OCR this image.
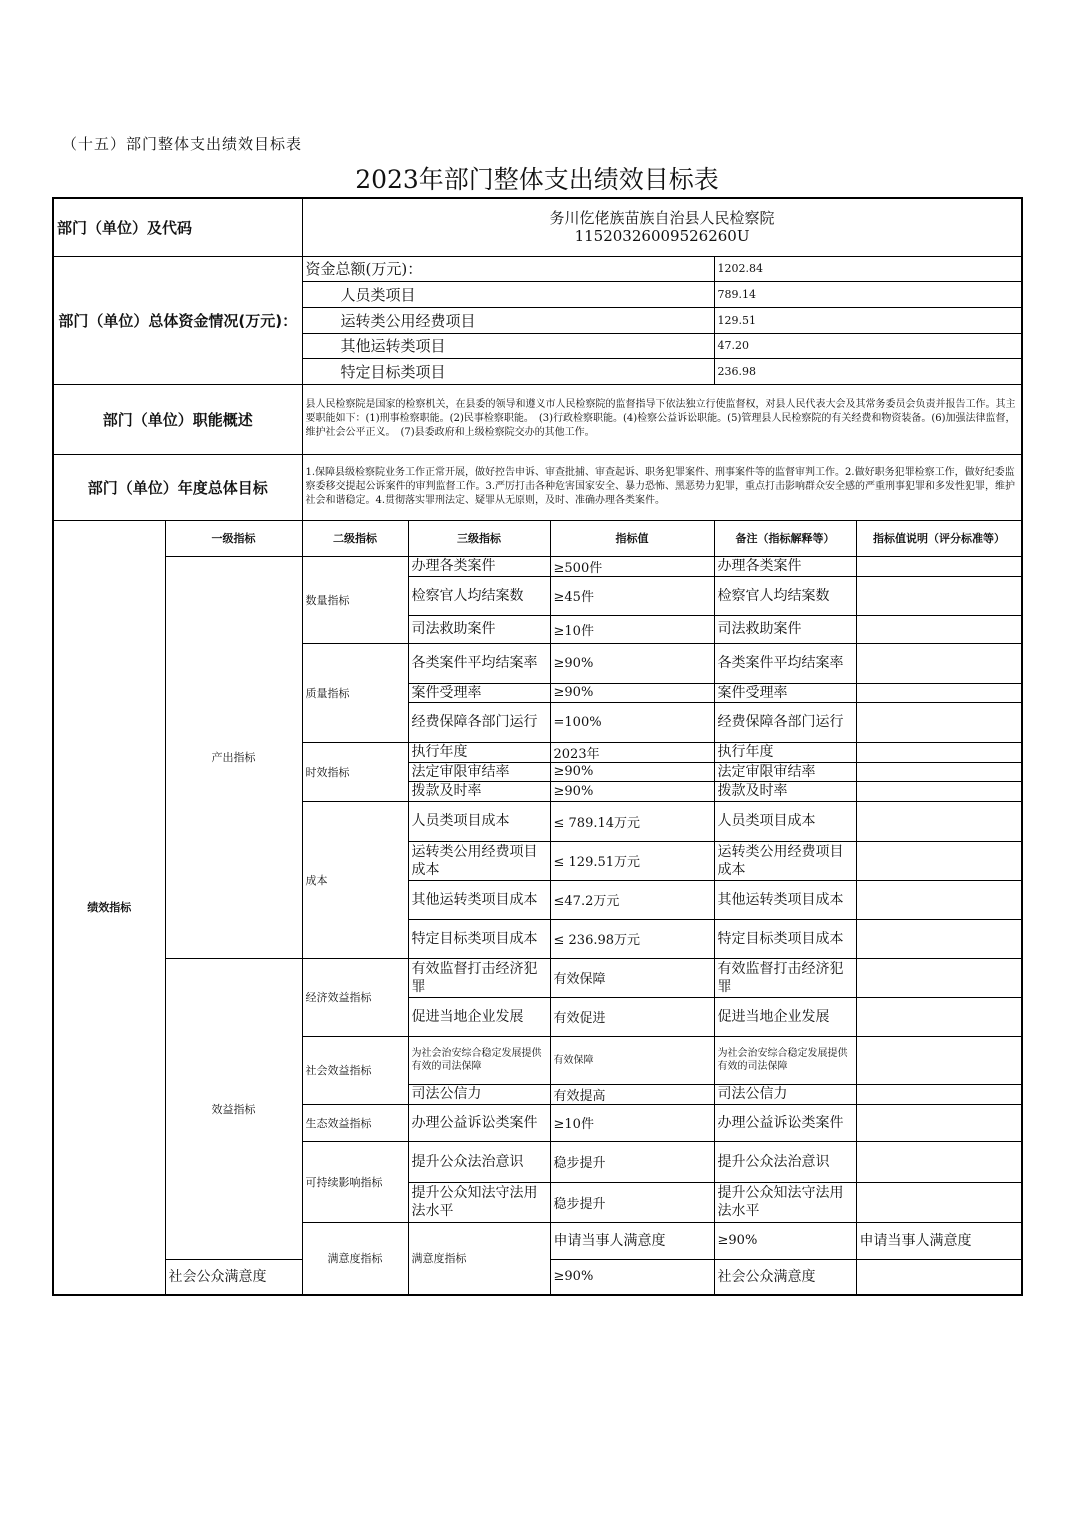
（十五）部门整体支出绩效目标表
2023年部门整体支出绩效目标表
部门（单位）及代码		务川仡佬族苗族自治县人民检察院
11520326009526260U					

部门（单位）总体资金情况(万元)：		资金总额(万元)：			1202.84		
		人员类项目			789.14		
		运转类公用经费项目			129.51		
		其他运转类项目			47.20		
		特定目标类项目			236.98		
部门（单位）职能概述		县人民检察院是国家的检察机关，在县委的领导和遵义市人民检察院的监督指导下依法独立行使监督权，对县人民代表大会及其常务委员会负责并报告工作。其主要职能如下：(1)刑事检察职能。(2)民事检察职能。　(3)行政检察职能。(4)检察公益诉讼职能。(5)管理县人民检察院的有关经费和物资装备。(6)加强法律监督，维护社会公平正义。　(7)县委政府和上级检察院交办的其他工作。					
部门（单位）年度总体目标		1.保障县级检察院业务工作正常开展，做好控告申诉、审查批捕、审查起诉、职务犯罪案件、刑事案件等的监督审判工作。2.做好职务犯罪检察工作，做好纪委监察委移交提起公诉案件的审判监督工作。3.严厉打击各种危害国家安全、暴力恐怖、黑恶势力犯罪，重点打击影响群众安全感的严重刑事犯罪和多发性犯罪，维护社会和谐稳定。4.贯彻落实罪刑法定、疑罪从无原则，及时、准确办理各类案件。					
绩效指标	一级指标	二级指标	三级指标	指标值	备注（指标解释等）	指标值说明（评分标准等）	
	产出指标	数量指标	办理各类案件	≥500件	办理各类案件		
			检察官人均结案数	≥45件	检察官人均结案数		
			司法救助案件	≥10件	司法救助案件		
		质量指标	各类案件平均结案率	≥90%	各类案件平均结案率		
			案件受理率	≥90%	案件受理率		
			经费保障各部门运行	=100%	经费保障各部门运行		
		时效指标	执行年度	2023年	执行年度		
			法定审限审结率	≥90%	法定审限审结率		
			拨款及时率	≥90%	拨款及时率		
		成本	人员类项目成本	≤ 789.14万元	人员类项目成本		
			运转类公用经费项目成本	≤ 129.51万元	运转类公用经费项目成本		
			其他运转类项目成本	≤47.2万元	其他运转类项目成本		
			特定目标类项目成本	≤ 236.98万元	特定目标类项目成本		
	效益指标	经济效益指标	有效监督打击经济犯罪	有效保障	有效监督打击经济犯罪		
			促进当地企业发展	有效促进	促进当地企业发展		
		社会效益指标	为社会治安综合稳定发展提供有效的司法保障	有效保障	为社会治安综合稳定发展提供有效的司法保障		
			司法公信力	有效提高	司法公信力		
		生态效益指标	办理公益诉讼类案件	≥10件	办理公益诉讼类案件		
		可持续影响指标	提升公众法治意识	稳步提升	提升公众法治意识		
			提升公众知法守法用法水平	稳步提升	提升公众知法守法用法水平		
		满意度指标	满意度指标	申请当事人满意度	≥90%	申请当事人满意度	
	社会公众满意度			≥90%	社会公众满意度		
